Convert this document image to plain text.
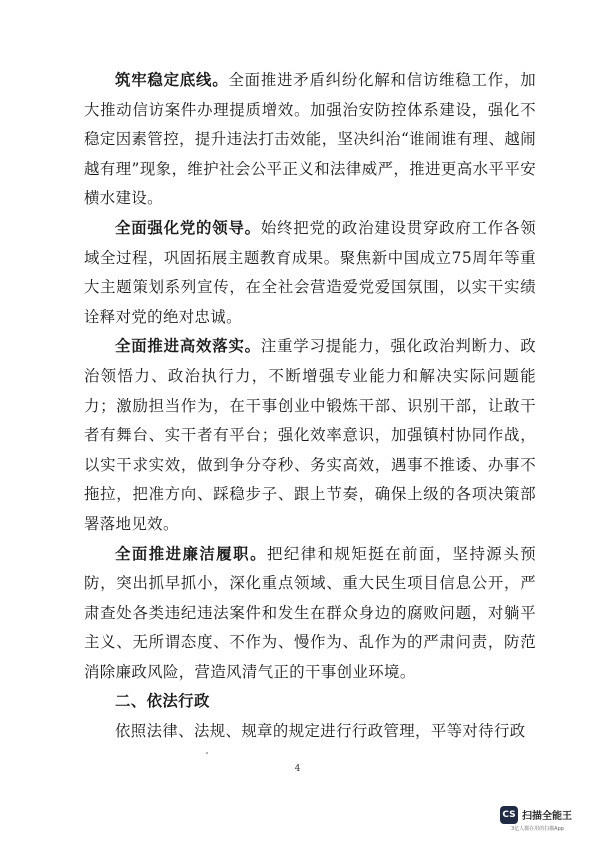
筑牢稳定底线。全面推进矛盾纠纷化解和信访维稳工作，加大推动信访案件办理提质增效。加强治安防控体系建设，强化不稳定因素管控，提升违法打击效能，坚决纠治“谁闹谁有理、越闹越有理”现象，维护社会公平正义和法律威严，推进更高水平平安横水建设。

全面强化党的领导。始终把党的政治建设贯穿政府工作各领域全过程，巩固拓展主题教育成果。聚焦新中国成立75周年等重大主题策划系列宣传，在全社会营造爱党爱国氛围，以实干实绩诠释对党的绝对忠诚。

全面推进高效落实。注重学习提能力，强化政治判断力、政治领悟力、政治执行力，不断增强专业能力和解决实际问题能力；激励担当作为，在干事创业中锻炼干部、识别干部，让敢干者有舞台、实干者有平台；强化效率意识，加强镇村协同作战，以实干求实效，做到争分夺秒、务实高效，遇事不推诿、办事不拖拉，把准方向、踩稳步子、跟上节奏，确保上级的各项决策部署落地见效。

全面推进廉洁履职。把纪律和规矩挺在前面，坚持源头预防，突出抓早抓小，深化重点领域、重大民生项目信息公开，严肃查处各类违纪违法案件和发生在群众身边的腐败问题，对躺平主义、无所谓态度、不作为、慢作为、乱作为的严肃问责，防范消除廉政风险，营造风清气正的干事创业环境。

二、依法行政

依照法律、法规、规章的规定进行行政管理，平等对待行政

4
CS 扫描全能王
3亿人都在用的扫描App
